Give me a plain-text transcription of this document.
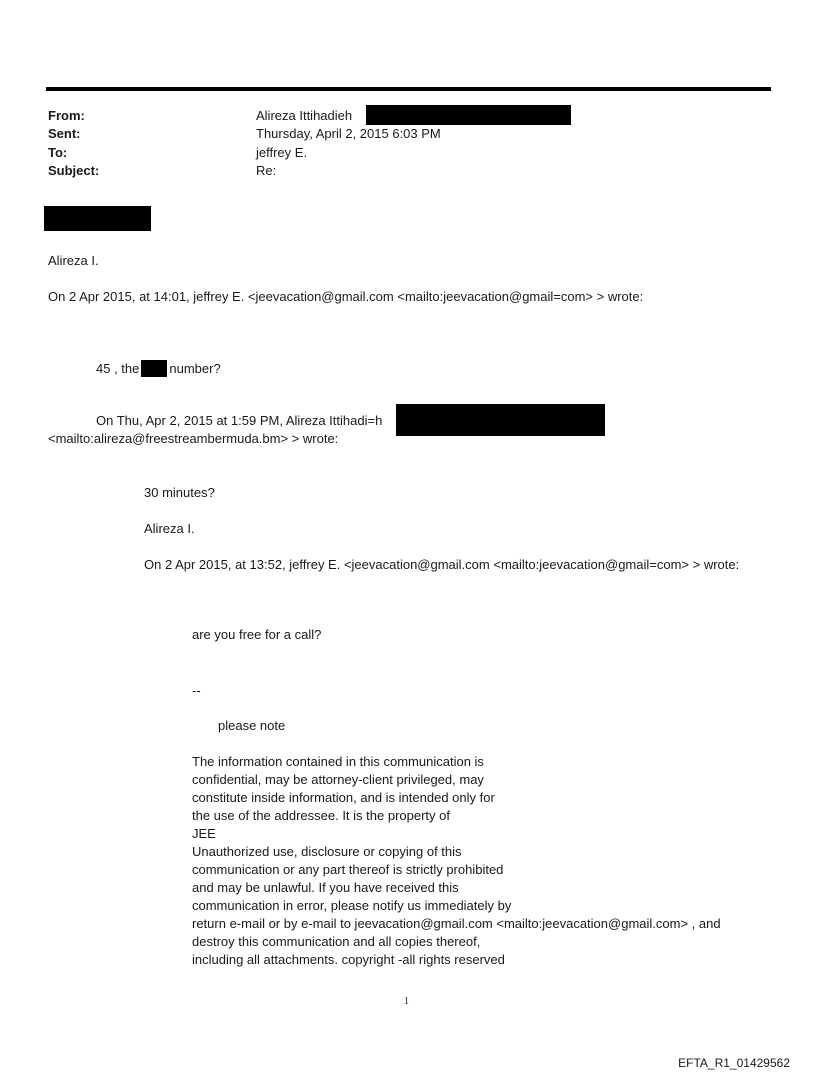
From:	Alireza Ittihadieh
Sent:	Thursday, April 2, 2015 6:03 PM
To:	jeffrey E.
Subject:	Re:
Alireza I.
On 2 Apr 2015, at 14:01, jeffrey E. <jeevacation@gmail.com <mailto:jeevacation@gmail=com> > wrote:
45 , the number?
On Thu, Apr 2, 2015 at 1:59 PM, Alireza Ittihadi=h
<mailto:alireza@freestreambermuda.bm> > wrote:
30 minutes?
Alireza I.
On 2 Apr 2015, at 13:52, jeffrey E. <jeevacation@gmail.com <mailto:jeevacation@gmail=com> > wrote:
are you free for a call?
--
please note
The information contained in this communication is
confidential, may be attorney-client privileged, may
constitute inside information, and is intended only for
the use of the addressee. It is the property of
JEE
Unauthorized use, disclosure or copying of this
communication or any part thereof is strictly prohibited
and may be unlawful. If you have received this
communication in error, please notify us immediately by
return e-mail or by e-mail to jeevacation@gmail.com <mailto:jeevacation@gmail.com> , and
destroy this communication and all copies thereof,
including all attachments. copyright -all rights reserved
1
EFTA_R1_01429562
